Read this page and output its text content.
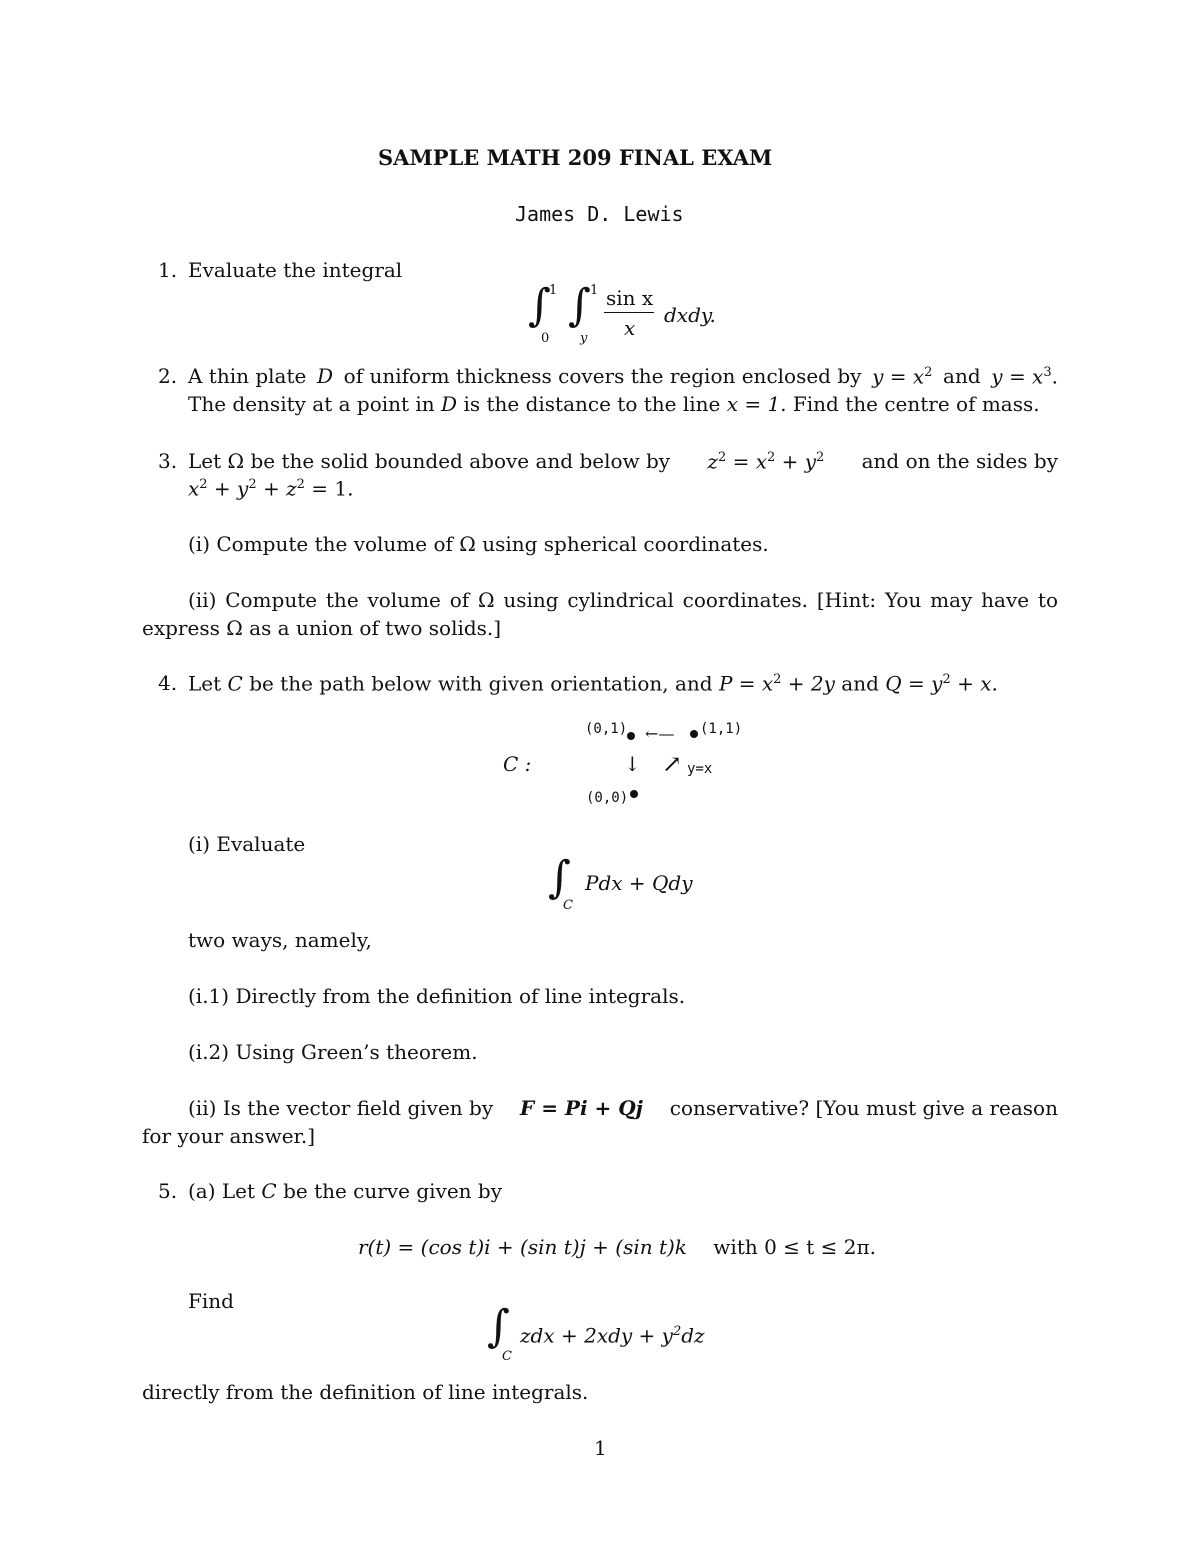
SAMPLE MATH 209 FINAL EXAM
James D. Lewis
1. Evaluate the integral
∫
1
0
∫ 1
y
sin x
x
dxdy.
2. A thin plate D of uniform thickness covers the region enclosed by $y = x^2$ and $y = x^3$.
The density at a point in D is the distance to the line x = 1. Find the centre of mass.
3. Let Ω be the solid bounded above and below by $z^2 = x^2 + y^2$ and on the sides by
$x^2 + y^2 + z^2 = 1$.
(i) Compute the volume of Ω using spherical coordinates.
(ii) Compute the volume of Ω using cylindrical coordinates. [Hint: You may have to
express Ω as a union of two solids.]
4. Let C be the path below with given orientation, and $P = x^2 + 2y$ and $Q = y^2 + x$.
C :
(0,1) ←— (1,1)
↓ ↗ y=x
(0,0)
(i) Evaluate
∫
C
Pdx + Qdy
two ways, namely,
(i.1) Directly from the definition of line integrals.
(i.2) Using Green’s theorem.
(ii) Is the vector field given by F = Pi + Qj conservative? [You must give a reason
for your answer.]
5. (a) Let C be the curve given by
r(t) = (cos t)i + (sin t)j + (sin t)k with 0 ≤ t ≤ 2π.
Find	∫
C
zdx + $2xdy + y^2dz$
directly from the definition of line integrals.
1
